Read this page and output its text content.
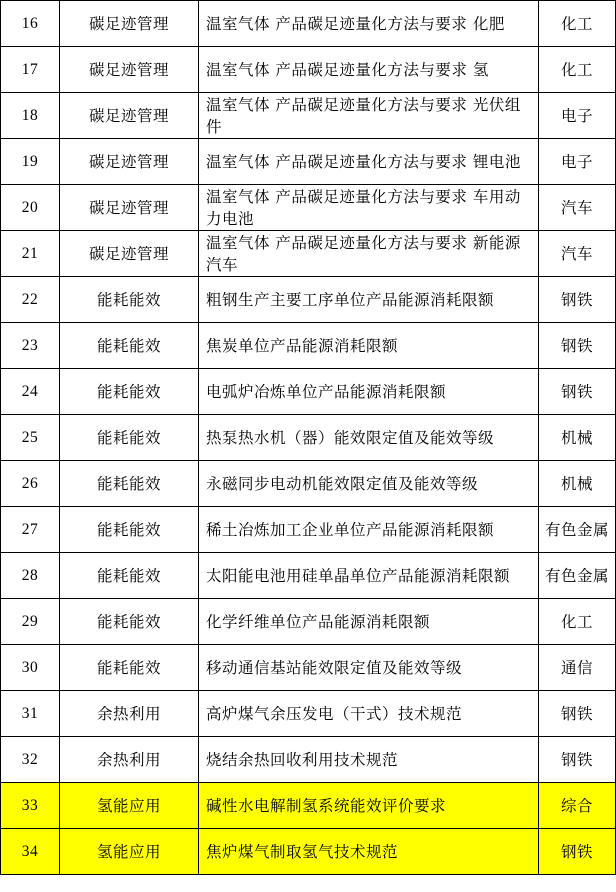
16	碳足迹管理	温室气体 产品碳足迹量化方法与要求 化肥	化工
17	碳足迹管理	温室气体 产品碳足迹量化方法与要求 氢	化工
18	碳足迹管理	温室气体 产品碳足迹量化方法与要求 光伏组件	电子
19	碳足迹管理	温室气体 产品碳足迹量化方法与要求 锂电池	电子
20	碳足迹管理	温室气体 产品碳足迹量化方法与要求 车用动力电池	汽车
21	碳足迹管理	温室气体 产品碳足迹量化方法与要求 新能源汽车	汽车
22	能耗能效	粗钢生产主要工序单位产品能源消耗限额	钢铁
23	能耗能效	焦炭单位产品能源消耗限额	钢铁
24	能耗能效	电弧炉冶炼单位产品能源消耗限额	钢铁
25	能耗能效	热泵热水机（器）能效限定值及能效等级	机械
26	能耗能效	永磁同步电动机能效限定值及能效等级	机械
27	能耗能效	稀土冶炼加工企业单位产品能源消耗限额	有色金属
28	能耗能效	太阳能电池用硅单晶单位产品能源消耗限额	有色金属
29	能耗能效	化学纤维单位产品能源消耗限额	化工
30	能耗能效	移动通信基站能效限定值及能效等级	通信
31	余热利用	高炉煤气余压发电（干式）技术规范	钢铁
32	余热利用	烧结余热回收利用技术规范	钢铁
33	氢能应用	碱性水电解制氢系统能效评价要求	综合
34	氢能应用	焦炉煤气制取氢气技术规范	钢铁
